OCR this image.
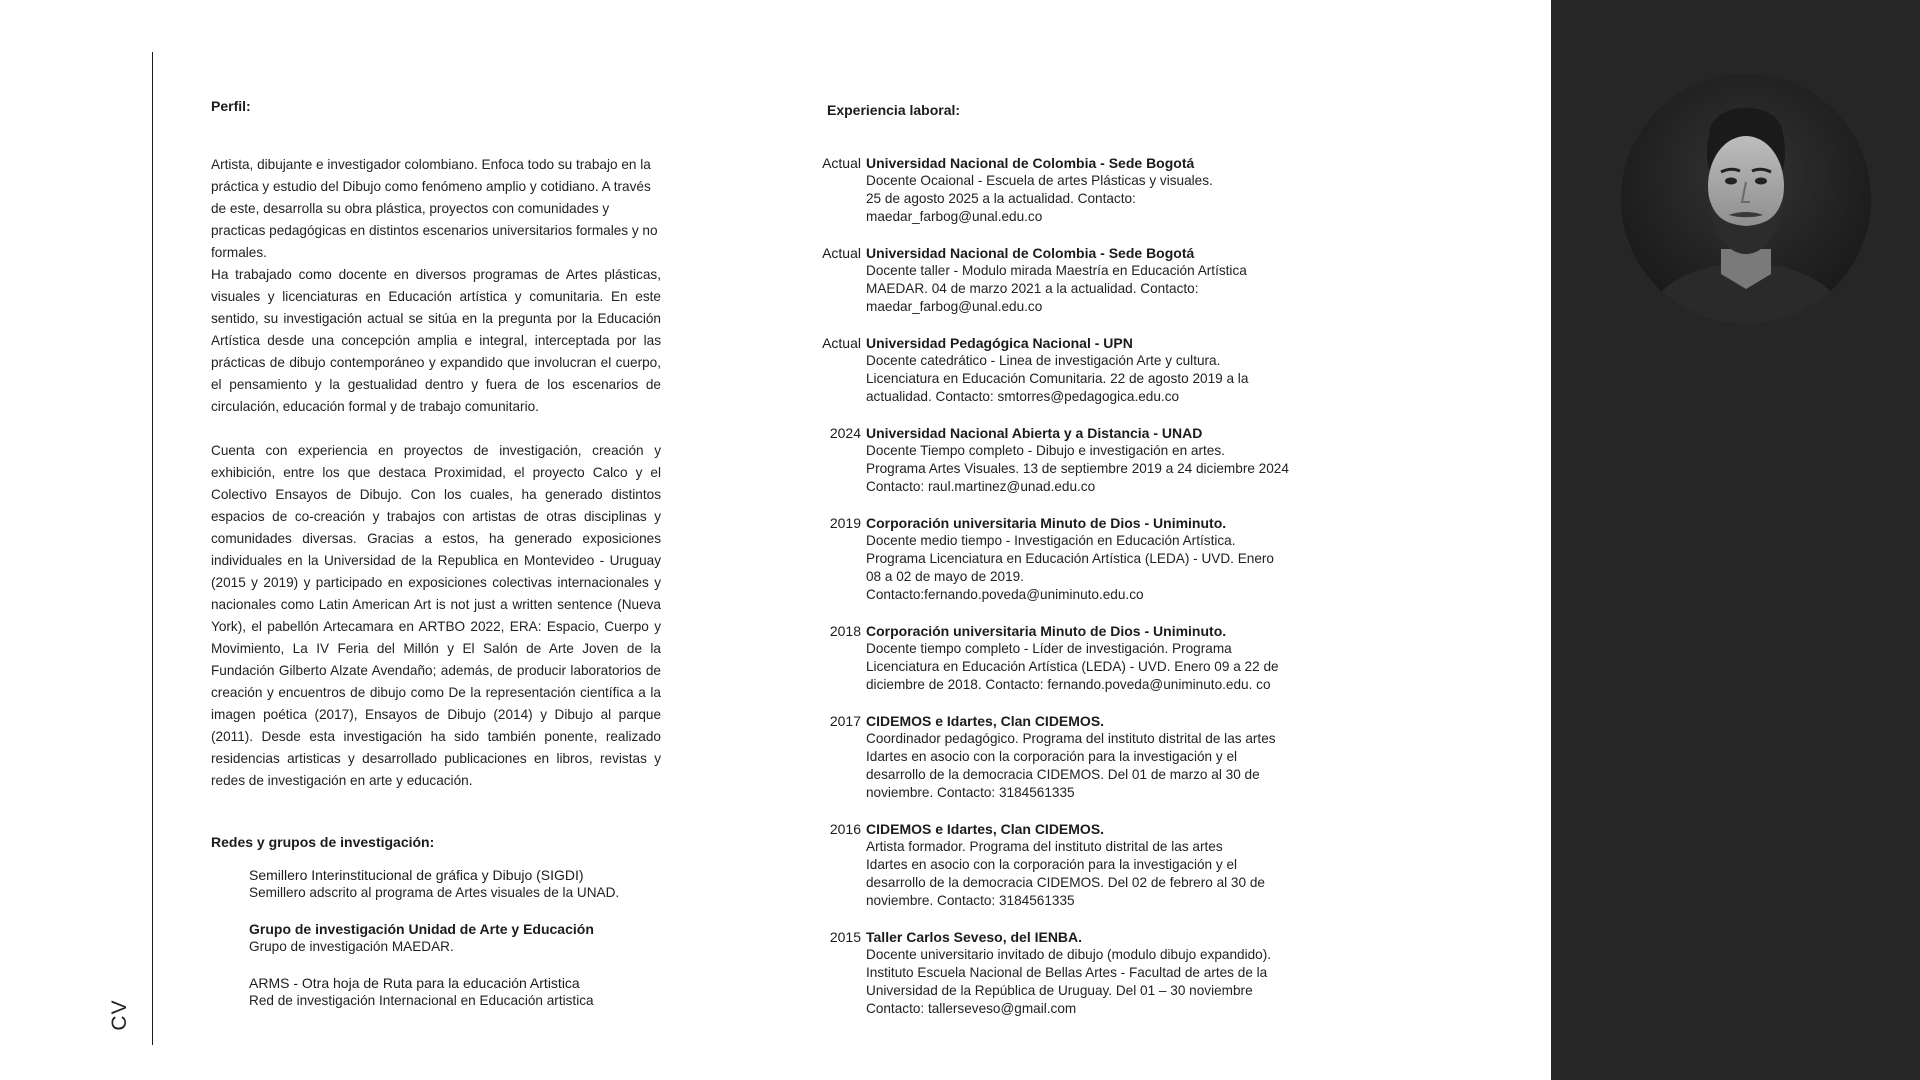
CV
Perfil:

Artista, dibujante e investigador colombiano. Enfoca todo su trabajo en la práctica y estudio del Dibujo como fenómeno amplio y cotidiano. A través de este, desarrolla su obra plástica, proyectos con comunidades y practicas pedagógicas en distintos escenarios universitarios formales y no formales.

Ha trabajado como docente en diversos programas de Artes plásticas, visuales y licenciaturas en Educación artística y comunitaria. En este sentido, su investigación actual se sitúa en la pregunta por la Educación Artística desde una concepción amplia e integral, interceptada por las prácticas de dibujo contemporáneo y expandido que involucran el cuerpo, el pensamiento y la gestualidad dentro y fuera de los escenarios de circulación, educación formal y de trabajo comunitario.

Cuenta con experiencia en proyectos de investigación, creación y exhibición, entre los que destaca Proximidad, el proyecto Calco y el Colectivo Ensayos de Dibujo. Con los cuales, ha generado distintos espacios de co-creación y trabajos con artistas de otras disciplinas y comunidades diversas. Gracias a estos, ha generado exposiciones individuales en la Universidad de la Republica en Montevideo - Uruguay (2015 y 2019) y participado en exposiciones colectivas internacionales y nacionales como Latin American Art is not just a written sentence (Nueva York), el pabellón Artecamara en ARTBO 2022, ERA: Espacio, Cuerpo y Movimiento, La IV Feria del Millón y El Salón de Arte Joven de la Fundación Gilberto Alzate Avendaño; además, de producir laboratorios de creación y encuentros de dibujo como De la representación científica a la imagen poética (2017), Ensayos de Dibujo (2014) y Dibujo al parque (2011). Desde esta investigación ha sido también ponente, realizado residencias artisticas y desarrollado publicaciones en libros, revistas y redes de investigación en arte y educación.

Redes y grupos de investigación:
Semillero Interinstitucional de gráfica y Dibujo (SIGDI)
Semillero adscrito al programa de Artes visuales de la UNAD.
Grupo de investigación Unidad de Arte y Educación
Grupo de investigación MAEDAR.
ARMS - Otra hoja de Ruta para la educación Artistica
Red de investigación Internacional en Educación artistica
Experiencia laboral:
Actual Universidad Nacional de Colombia - Sede Bogotá
Docente Ocaional - Escuela de artes Plásticas y visuales.
25 de agosto 2025 a la actualidad. Contacto:
maedar_farbog@unal.edu.co
Actual Universidad Nacional de Colombia - Sede Bogotá
Docente taller - Modulo mirada Maestría en Educación Artística
MAEDAR. 04 de marzo 2021 a la actualidad. Contacto:
maedar_farbog@unal.edu.co
Actual Universidad Pedagógica Nacional - UPN
Docente catedrático - Linea de investigación Arte y cultura.
Licenciatura en Educación Comunitaria. 22 de agosto 2019 a la
actualidad. Contacto: smtorres@pedagogica.edu.co
2024 Universidad Nacional Abierta y a Distancia - UNAD
Docente Tiempo completo - Dibujo e investigación en artes.
Programa Artes Visuales. 13 de septiembre 2019 a 24 diciembre 2024
Contacto: raul.martinez@unad.edu.co
2019 Corporación universitaria Minuto de Dios - Uniminuto.
Docente medio tiempo - Investigación en Educación Artística.
Programa Licenciatura en Educación Artística (LEDA) - UVD. Enero
08 a 02 de mayo de 2019.
Contacto:fernando.poveda@uniminuto.edu.co
2018 Corporación universitaria Minuto de Dios - Uniminuto.
Docente tiempo completo - Líder de investigación. Programa
Licenciatura en Educación Artística (LEDA) - UVD. Enero 09 a 22 de
diciembre de 2018. Contacto: fernando.poveda@uniminuto.edu. co
2017 CIDEMOS e Idartes, Clan CIDEMOS.
Coordinador pedagógico. Programa del instituto distrital de las artes
Idartes en asocio con la corporación para la investigación y el
desarrollo de la democracia CIDEMOS. Del 01 de marzo al 30 de
noviembre. Contacto: 3184561335
2016 CIDEMOS e Idartes, Clan CIDEMOS.
Artista formador. Programa del instituto distrital de las artes
Idartes en asocio con la corporación para la investigación y el
desarrollo de la democracia CIDEMOS. Del 02 de febrero al 30 de
noviembre. Contacto: 3184561335
2015 Taller Carlos Seveso, del IENBA.
Docente universitario invitado de dibujo (modulo dibujo expandido).
Instituto Escuela Nacional de Bellas Artes - Facultad de artes de la
Universidad de la República de Uruguay. Del 01 – 30 noviembre
Contacto: tallerseveso@gmail.com
